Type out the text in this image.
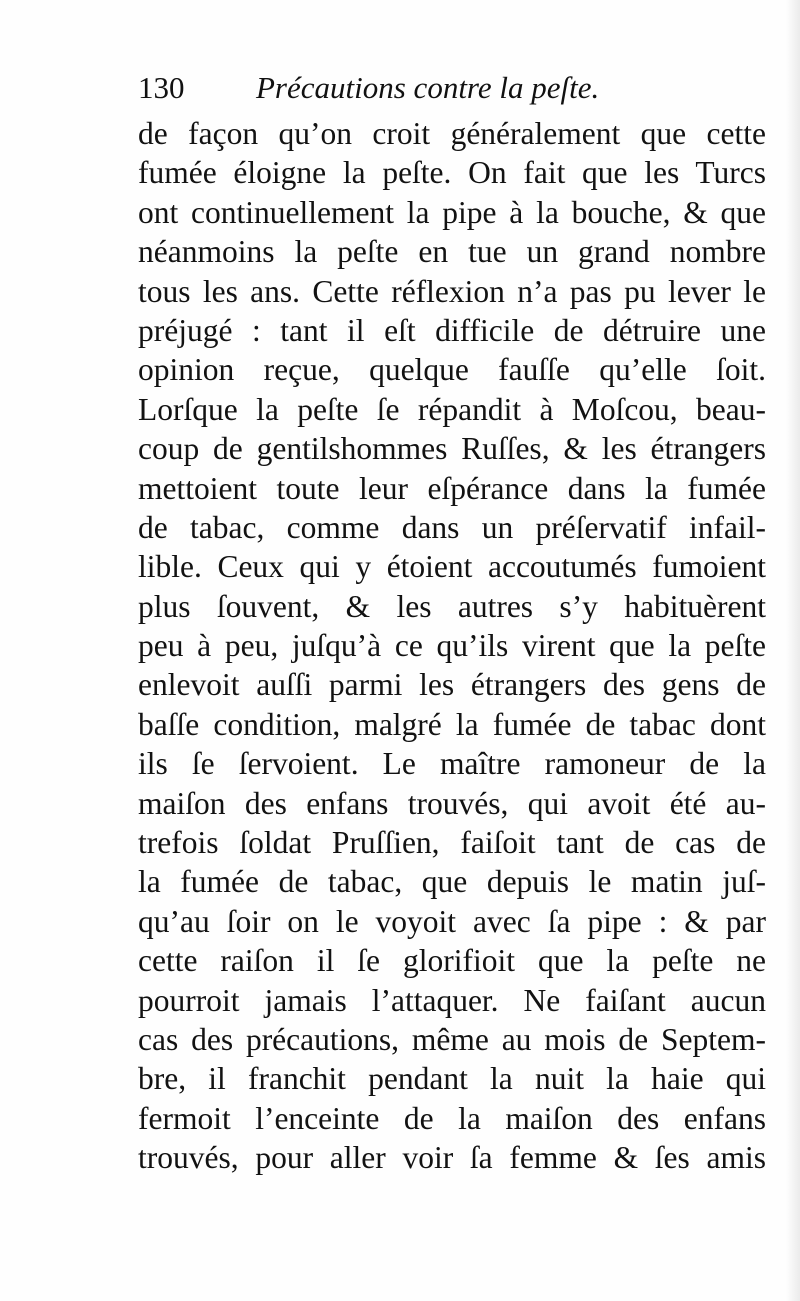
130 Précautions contre la peſte.
de façon qu’on croit généralement que cette
fumée éloigne la peſte. On fait que les Turcs
ont continuellement la pipe à la bouche, & que
néanmoins la peſte en tue un grand nombre
tous les ans. Cette réflexion n’a pas pu lever le
préjugé : tant il eſt difficile de détruire une
opinion reçue, quelque fauſſe qu’elle ſoit.
Lorſque la peſte ſe répandit à Moſcou, beau-
coup de gentilshommes Ruſſes, & les étrangers
mettoient toute leur eſpérance dans la fumée
de tabac, comme dans un préſervatif infail-
lible. Ceux qui y étoient accoutumés fumoient
plus ſouvent, & les autres s’y habituèrent
peu à peu, juſqu’à ce qu’ils virent que la peſte
enlevoit auſſi parmi les étrangers des gens de
baſſe condition, malgré la fumée de tabac dont
ils ſe ſervoient. Le maître ramoneur de la
maiſon des enfans trouvés, qui avoit été au-
trefois ſoldat Pruſſien, faiſoit tant de cas de
la fumée de tabac, que depuis le matin juſ-
qu’au ſoir on le voyoit avec ſa pipe : & par
cette raiſon il ſe glorifioit que la peſte ne
pourroit jamais l’attaquer. Ne faiſant aucun
cas des précautions, même au mois de Septem-
bre, il franchit pendant la nuit la haie qui
fermoit l’enceinte de la maiſon des enfans
trouvés, pour aller voir ſa femme & ſes amis
